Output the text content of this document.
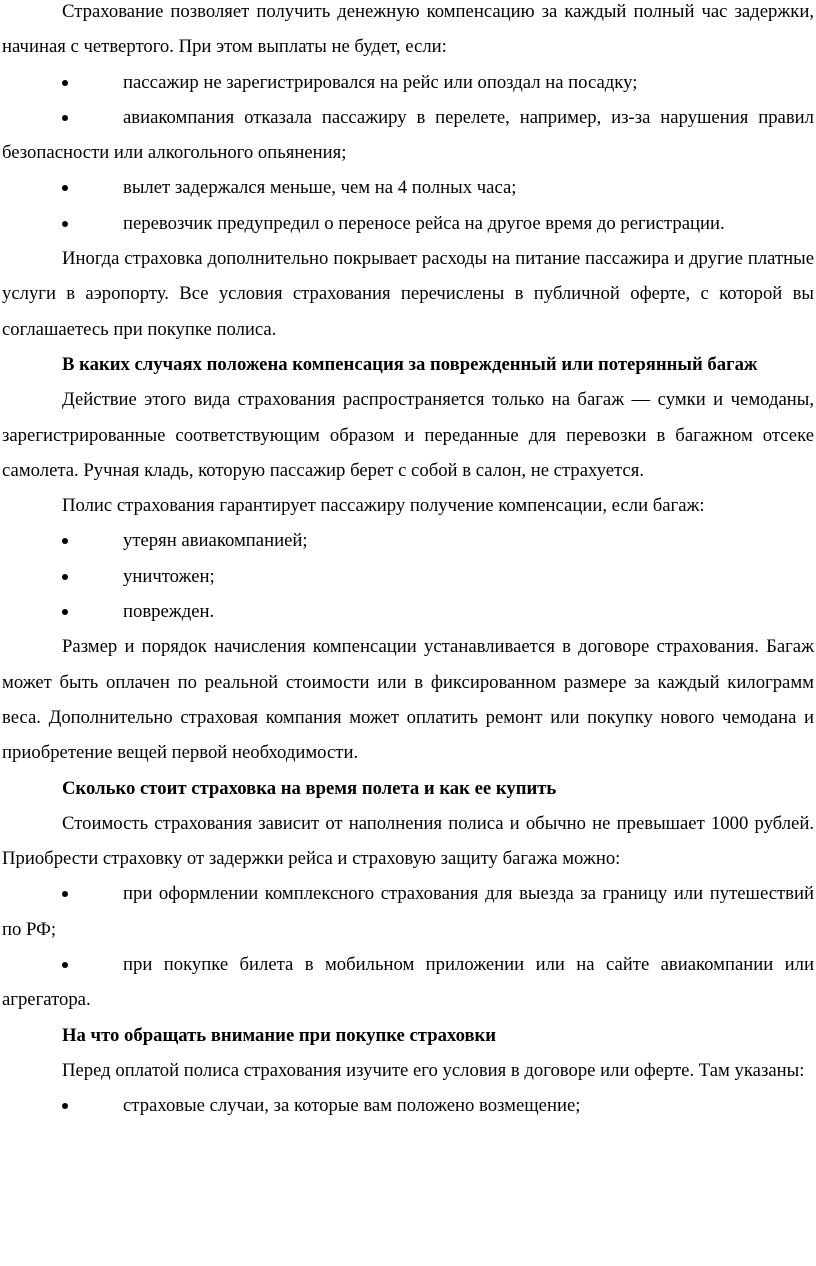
Страхование позволяет получить денежную компенсацию за каждый полный час задержки, начиная с четвертого. При этом выплаты не будет, если:

пассажир не зарегистрировался на рейс или опоздал на посадку;
авиакомпания отказала пассажиру в перелете, например, из-за нарушения правил безопасности или алкогольного опьянения;
вылет задержался меньше, чем на 4 полных часа;
перевозчик предупредил о переносе рейса на другое время до регистрации.

Иногда страховка дополнительно покрывает расходы на питание пассажира и другие платные услуги в аэропорту. Все условия страхования перечислены в публичной оферте, с которой вы соглашаетесь при покупке полиса.

В каких случаях положена компенсация за поврежденный или потерянный багаж

Действие этого вида страхования распространяется только на багаж — сумки и чемоданы, зарегистрированные соответствующим образом и переданные для перевозки в багажном отсеке самолета. Ручная кладь, которую пассажир берет с собой в салон, не страхуется.

Полис страхования гарантирует пассажиру получение компенсации, если багаж:

утерян авиакомпанией;
уничтожен;
поврежден.

Размер и порядок начисления компенсации устанавливается в договоре страхования. Багаж может быть оплачен по реальной стоимости или в фиксированном размере за каждый килограмм веса. Дополнительно страховая компания может оплатить ремонт или покупку нового чемодана и приобретение вещей первой необходимости.

Сколько стоит страховка на время полета и как ее купить

Стоимость страхования зависит от наполнения полиса и обычно не превышает 1000 рублей. Приобрести страховку от задержки рейса и страховую защиту багажа можно:

при оформлении комплексного страхования для выезда за границу или путешествий по РФ;
при покупке билета в мобильном приложении или на сайте авиакомпании или агрегатора.

На что обращать внимание при покупке страховки

Перед оплатой полиса страхования изучите его условия в договоре или оферте. Там указаны:

страховые случаи, за которые вам положено возмещение;
